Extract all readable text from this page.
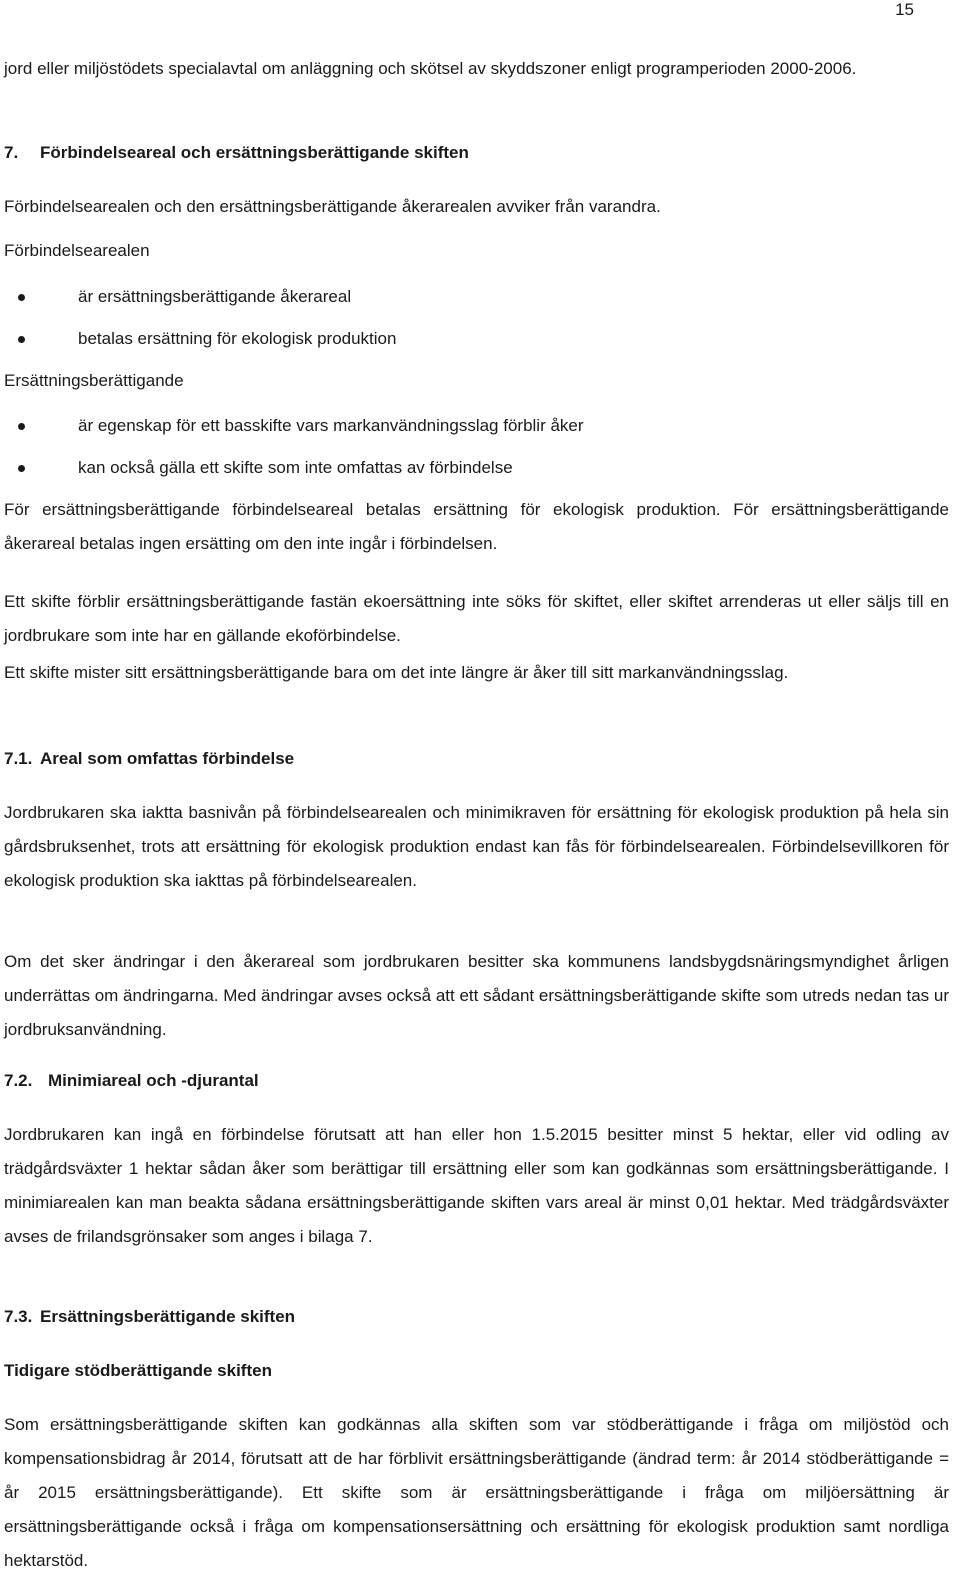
15

jord eller miljöstödets specialavtal om anläggning och skötsel av skyddszoner enligt programperioden 2000-2006.

7. Förbindelseareal och ersättningsberättigande skiften

Förbindelsearealen och den ersättningsberättigande åkerarealen avviker från varandra.

Förbindelsearealen

är ersättningsberättigande åkerareal
betalas ersättning för ekologisk produktion

Ersättningsberättigande

är egenskap för ett basskifte vars markanvändningsslag förblir åker
kan också gälla ett skifte som inte omfattas av förbindelse

För ersättningsberättigande förbindelseareal betalas ersättning för ekologisk produktion. För ersättningsberättigande åkerareal betalas ingen ersätting om den inte ingår i förbindelsen.

Ett skifte förblir ersättningsberättigande fastän ekoersättning inte söks för skiftet, eller skiftet arrenderas ut eller säljs till en jordbrukare som inte har en gällande ekoförbindelse.

Ett skifte mister sitt ersättningsberättigande bara om det inte längre är åker till sitt markanvändningsslag.

7.1. Areal som omfattas förbindelse

Jordbrukaren ska iaktta basnivån på förbindelsearealen och minimikraven för ersättning för ekologisk produktion på hela sin gårdsbruksenhet, trots att ersättning för ekologisk produktion endast kan fås för förbindelsearealen. Förbindelsevillkoren för ekologisk produktion ska iakttas på förbindelsearealen.

Om det sker ändringar i den åkerareal som jordbrukaren besitter ska kommunens landsbygdsnäringsmyndighet årligen underrättas om ändringarna. Med ändringar avses också att ett sådant ersättningsberättigande skifte som utreds nedan tas ur jordbruksanvändning.

7.2. Minimiareal och -djurantal

Jordbrukaren kan ingå en förbindelse förutsatt att han eller hon 1.5.2015 besitter minst 5 hektar, eller vid odling av trädgårdsväxter 1 hektar sådan åker som berättigar till ersättning eller som kan godkännas som ersättningsberättigande. I minimiarealen kan man beakta sådana ersättningsberättigande skiften vars areal är minst 0,01 hektar. Med trädgårdsväxter avses de frilandsgrönsaker som anges i bilaga 7.

7.3. Ersättningsberättigande skiften

Tidigare stödberättigande skiften

Som ersättningsberättigande skiften kan godkännas alla skiften som var stödberättigande i fråga om miljöstöd och kompensationsbidrag år 2014, förutsatt att de har förblivit ersättningsberättigande (ändrad term: år 2014 stödberättigande = år 2015 ersättningsberättigande). Ett skifte som är ersättningsberättigande i fråga om miljöersättning är ersättningsberättigande också i fråga om kompensationsersättning och ersättning för ekologisk produktion samt nordliga hektarstöd.
